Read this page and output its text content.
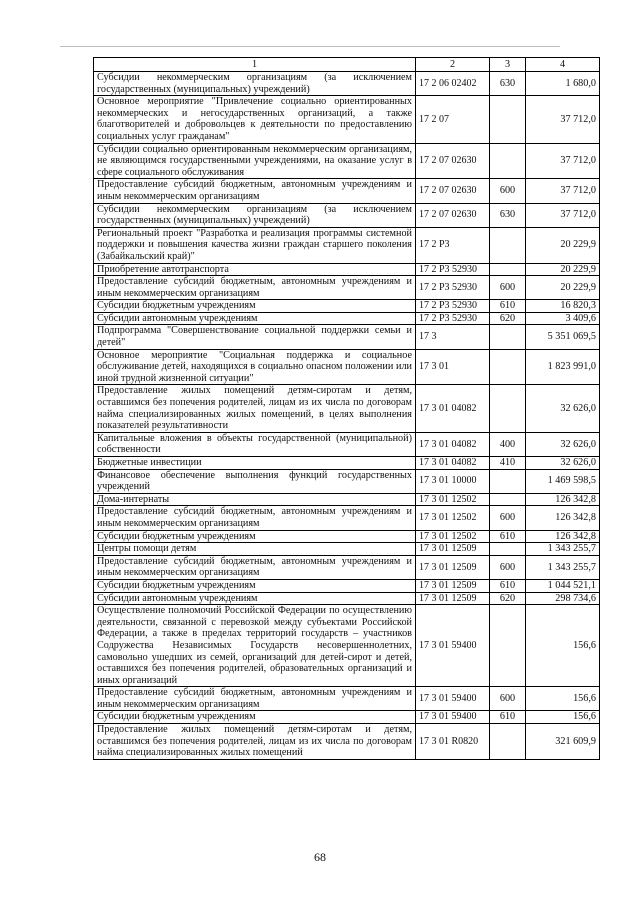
1	2	3	4
Субсидии некоммерческим организациям (за исключением государственных (муниципальных) учреждений)	17 2 06 02402	630	1 680,0
Основное мероприятие "Привлечение социально ориентированных некоммерческих и негосударственных организаций, а также благотворителей и добровольцев к деятельности по предоставлению социальных услуг гражданам"	17 2 07		37 712,0
Субсидии социально ориентированным некоммерческим организациям, не являющимся государственными учреждениями, на оказание услуг в сфере социального обслуживания	17 2 07 02630		37 712,0
Предоставление субсидий бюджетным, автономным учреждениям и иным некоммерческим организациям	17 2 07 02630	600	37 712,0
Субсидии некоммерческим организациям (за исключением государственных (муниципальных) учреждений)	17 2 07 02630	630	37 712,0
Региональный проект "Разработка и реализация программы системной поддержки и повышения качества жизни граждан старшего поколения (Забайкальский край)"	17 2 P3		20 229,9
Приобретение автотранспорта	17 2 P3 52930		20 229,9
Предоставление субсидий бюджетным, автономным учреждениям и иным некоммерческим организациям	17 2 P3 52930	600	20 229,9
Субсидии бюджетным учреждениям	17 2 P3 52930	610	16 820,3
Субсидии автономным учреждениям	17 2 P3 52930	620	3 409,6
Подпрограмма "Совершенствование социальной поддержки семьи и детей"	17 3		5 351 069,5
Основное мероприятие "Социальная поддержка и социальное обслуживание детей, находящихся в социально опасном положении или иной трудной жизненной ситуации"	17 3 01		1 823 991,0
Предоставление жилых помещений детям-сиротам и детям, оставшимся без попечения родителей, лицам из их числа по договорам найма специализированных жилых помещений, в целях выполнения показателей результативности	17 3 01 04082		32 626,0
Капитальные вложения в объекты государственной (муниципальной) собственности	17 3 01 04082	400	32 626,0
Бюджетные инвестиции	17 3 01 04082	410	32 626,0
Финансовое обеспечение выполнения функций государственных учреждений	17 3 01 10000		1 469 598,5
Дома-интернаты	17 3 01 12502		126 342,8
Предоставление субсидий бюджетным, автономным учреждениям и иным некоммерческим организациям	17 3 01 12502	600	126 342,8
Субсидии бюджетным учреждениям	17 3 01 12502	610	126 342,8
Центры помощи детям	17 3 01 12509		1 343 255,7
Предоставление субсидий бюджетным, автономным учреждениям и иным некоммерческим организациям	17 3 01 12509	600	1 343 255,7
Субсидии бюджетным учреждениям	17 3 01 12509	610	1 044 521,1
Субсидии автономным учреждениям	17 3 01 12509	620	298 734,6
Осуществление полномочий Российской Федерации по осуществлению деятельности, связанной с перевозкой между субъектами Российской Федерации, а также в пределах территорий государств – участников Содружества Независимых Государств несовершеннолетних, самовольно ушедших из семей, организаций для детей-сирот и детей, оставшихся без попечения родителей, образовательных организаций и иных организаций	17 3 01 59400		156,6
Предоставление субсидий бюджетным, автономным учреждениям и иным некоммерческим организациям	17 3 01 59400	600	156,6
Субсидии бюджетным учреждениям	17 3 01 59400	610	156,6
Предоставление жилых помещений детям-сиротам и детям, оставшимся без попечения родителей, лицам из их числа по договорам найма специализированных жилых помещений	17 3 01 R0820		321 609,9
68
